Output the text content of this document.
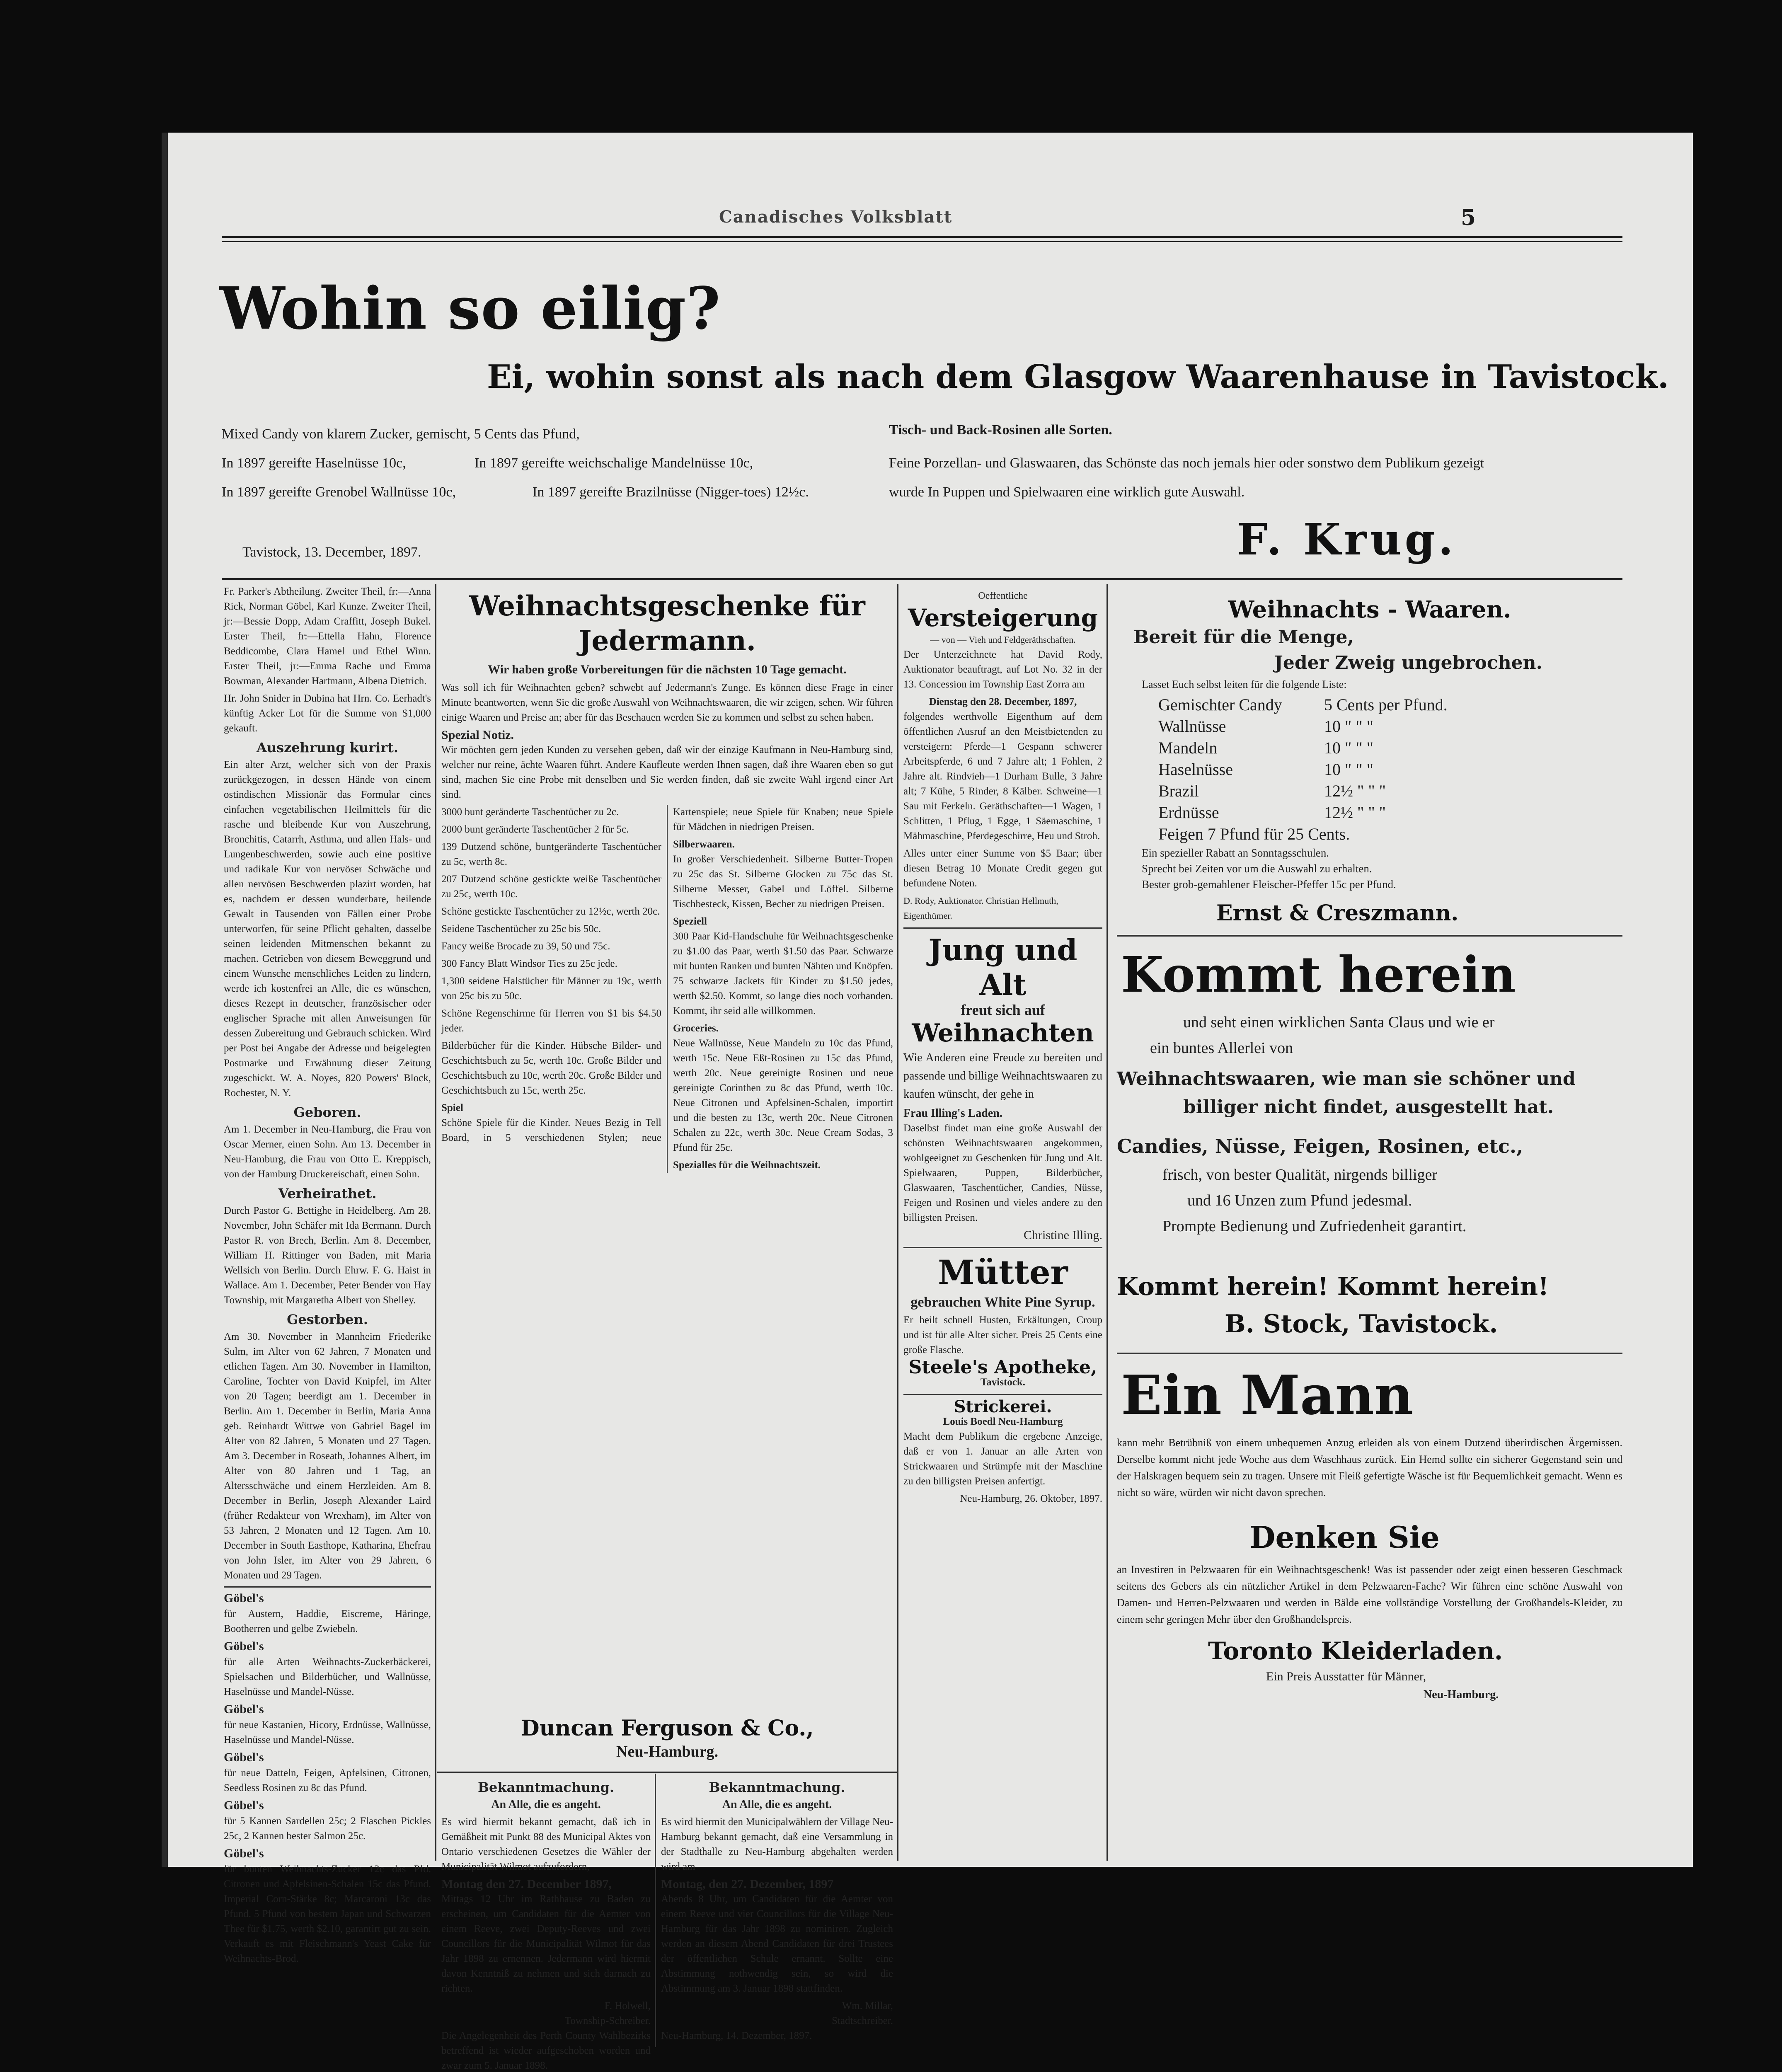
Canadisches Volksblatt	5
Wohin so eilig?
Ei, wohin sonst als nach dem Glasgow Waarenhause in Tavistock.
Mixed Candy von klarem Zucker, gemischt, 5 Cents das Pfund,
In 1897 gereifte Haselnüsse 10c,	In 1897 gereifte weichschalige Mandelnüsse 10c,
In 1897 gereifte Grenobel Wallnüsse 10c,	In 1897 gereifte Brazilnüsse (Nigger-toes) 12½c.
Tisch- und Back-Rosinen alle Sorten.
Feine Porzellan- und Glaswaaren, das Schönste das noch jemals hier oder sonstwo dem Publikum gezeigt
wurde In Puppen und Spielwaaren eine wirklich gute Auswahl.
Tavistock, 13. December, 1897.	F. Krug.

Fr. Parker's Abtheilung. Zweiter Theil, fr:—Anna Rick, Norman Göbel, Karl Kunze. Zweiter Theil, jr:—Bessie Dopp, Adam Craffitt, Joseph Bukel. Erster Theil, fr:—Ettella Hahn, Florence Beddicombe, Clara Hamel und Ethel Winn. Erster Theil, jr:—Emma Rache und Emma Bowman, Alexander Hartmann, Albena Dietrich.

Hr. John Snider in Dubina hat Hrn. Co. Eerhadt's künftig Acker Lot für die Summe von $1,000 gekauft.

Auszehrung kurirt.

Ein alter Arzt, welcher sich von der Praxis zurückgezogen, in dessen Hände von einem ostindischen Missionär das Formular eines einfachen vegetabilischen Heilmittels für die rasche und bleibende Kur von Auszehrung, Bronchitis, Catarrh, Asthma, und allen Hals- und Lungenbeschwerden, sowie auch eine positive und radikale Kur von nervöser Schwäche und allen nervösen Beschwerden plazirt worden, hat es, nachdem er dessen wunderbare, heilende Gewalt in Tausenden von Fällen einer Probe unterworfen, für seine Pflicht gehalten, dasselbe seinen leidenden Mitmenschen bekannt zu machen. Getrieben von diesem Beweggrund und einem Wunsche menschliches Leiden zu lindern, werde ich kostenfrei an Alle, die es wünschen, dieses Rezept in deutscher, französischer oder englischer Sprache mit allen Anweisungen für dessen Zubereitung und Gebrauch schicken. Wird per Post bei Angabe der Adresse und beigelegten Postmarke und Erwähnung dieser Zeitung zugeschickt. W. A. Noyes, 820 Powers' Block, Rochester, N. Y.

Geboren.

Am 1. December in Neu-Hamburg, die Frau von Oscar Merner, einen Sohn. Am 13. December in Neu-Hamburg, die Frau von Otto E. Kreppisch, von der Hamburg Druckereischaft, einen Sohn.

Verheirathet.

Durch Pastor G. Bettighe in Heidelberg. Am 28. November, John Schäfer mit Ida Bermann. Durch Pastor R. von Brech, Berlin. Am 8. December, William H. Rittinger von Baden, mit Maria Wellsich von Berlin. Durch Ehrw. F. G. Haist in Wallace. Am 1. December, Peter Bender von Hay Township, mit Margaretha Albert von Shelley.

Gestorben.

Am 30. November in Mannheim Friederike Sulm, im Alter von 62 Jahren, 7 Monaten und etlichen Tagen. Am 30. November in Hamilton, Caroline, Tochter von David Knipfel, im Alter von 20 Tagen; beerdigt am 1. December in Berlin. Am 1. December in Berlin, Maria Anna geb. Reinhardt Wittwe von Gabriel Bagel im Alter von 82 Jahren, 5 Monaten und 27 Tagen. Am 3. December in Roseath, Johannes Albert, im Alter von 80 Jahren und 1 Tag, an Altersschwäche und einem Herzleiden. Am 8. December in Berlin, Joseph Alexander Laird (früher Redakteur von Wrexham), im Alter von 53 Jahren, 2 Monaten und 12 Tagen. Am 10. December in South Easthope, Katharina, Ehefrau von John Isler, im Alter von 29 Jahren, 6 Monaten und 29 Tagen.

Göbel's

für Austern, Haddie, Eiscreme, Häringe, Bootherren und gelbe Zwiebeln.

Göbel's

für alle Arten Weihnachts-Zuckerbäckerei, Spielsachen und Bilderbücher, und Wallnüsse, Haselnüsse und Mandel-Nüsse.

Göbel's

für neue Kastanien, Hicory, Erdnüsse, Wallnüsse, Haselnüsse und Mandel-Nüsse.

Göbel's

für neue Datteln, Feigen, Apfelsinen, Citronen, Seedless Rosinen zu 8c das Pfund.

Göbel's

für 5 Kannen Sardellen 25c; 2 Flaschen Pickles 25c, 2 Kannen bester Salmon 25c.

Göbel's

für bunten Weihnachts-Zucker 12c das Pfd. Citronen und Apfelsinen-Schalen 15c das Pfund. Imperial Corn-Stärke 8c; Marcaroni 13c das Pfund. 5 Pfund von bestem Japan und Schwarzen Thee für $1.75, werth $2.10, garantirt gut zu sein. Verkauft es mit Fleischmann's Yeast Cake für Weihnachts-Brod.

Weihnachtsgeschenke für Jedermann.
Wir haben große Vorbereitungen für die nächsten 10 Tage gemacht.

Was soll ich für Weihnachten geben? schwebt auf Jedermann's Zunge. Es können diese Frage in einer Minute beantworten, wenn Sie die große Auswahl von Weihnachtswaaren, die wir zeigen, sehen. Wir führen einige Waaren und Preise an; aber für das Beschauen werden Sie zu kommen und selbst zu sehen haben.

Spezial Notiz.

Wir möchten gern jeden Kunden zu versehen geben, daß wir der einzige Kaufmann in Neu-Hamburg sind, welcher nur reine, ächte Waaren führt. Andere Kaufleute werden Ihnen sagen, daß ihre Waaren eben so gut sind, machen Sie eine Probe mit denselben und Sie werden finden, daß sie zweite Wahl irgend einer Art sind.

3000 bunt geränderte Taschentücher zu 2c.

2000 bunt geränderte Taschentücher 2 für 5c.

139 Dutzend schöne, buntgeränderte Taschentücher zu 5c, werth 8c.

207 Dutzend schöne gestickte weiße Taschentücher zu 25c, werth 10c.

Schöne gestickte Taschentücher zu 12½c, werth 20c.

Seidene Taschentücher zu 25c bis 50c.

Fancy weiße Brocade zu 39, 50 und 75c.

300 Fancy Blatt Windsor Ties zu 25c jede.

1,300 seidene Halstücher für Männer zu 19c, werth von 25c bis zu 50c.

Schöne Regenschirme für Herren von $1 bis $4.50 jeder.

Bilderbücher für die Kinder. Hübsche Bilder- und Geschichtsbuch zu 5c, werth 10c. Große Bilder und Geschichtsbuch zu 10c, werth 20c. Große Bilder und Geschichtsbuch zu 15c, werth 25c.

Spiel

Schöne Spiele für die Kinder. Neues Bezig in Tell Board, in 5 verschiedenen Stylen; neue Kartenspiele; neue Spiele für Knaben; neue Spiele für Mädchen in niedrigen Preisen.

Silberwaaren.

In großer Verschiedenheit. Silberne Butter-Tropen zu 25c das St. Silberne Glocken zu 75c das St. Silberne Messer, Gabel und Löffel. Silberne Tischbesteck, Kissen, Becher zu niedrigen Preisen.

Speziell

300 Paar Kid-Handschuhe für Weihnachtsgeschenke zu $1.00 das Paar, werth $1.50 das Paar. Schwarze mit bunten Ranken und bunten Nähten und Knöpfen. 75 schwarze Jackets für Kinder zu $1.50 jedes, werth $2.50. Kommt, so lange dies noch vorhanden. Kommt, ihr seid alle willkommen.

Groceries.

Neue Wallnüsse, Neue Mandeln zu 10c das Pfund, werth 15c. Neue Eßt-Rosinen zu 15c das Pfund, werth 20c. Neue gereinigte Rosinen und neue gereinigte Corinthen zu 8c das Pfund, werth 10c. Neue Citronen und Apfelsinen-Schalen, importirt und die besten zu 13c, werth 20c. Neue Citronen Schalen zu 22c, werth 30c. Neue Cream Sodas, 3 Pfund für 25c.

Spezialles für die Weihnachtszeit.
Duncan Ferguson & Co.,
Neu-Hamburg.
Bekanntmachung.
An Alle, die es angeht.

Es wird hiermit bekannt gemacht, daß ich in Gemäßheit mit Punkt 88 des Municipal Aktes von Ontario verschiedenen Gesetzes die Wähler der Municipalität Wilmot aufzufordern,

Montag den 27. December 1897,

Mittags 12 Uhr im Rathhause zu Baden zu erscheinen, um Candidaten für die Aemter von einem Reeve, zwei Deputy-Reeves und zwei Councillors für die Municipalität Wilmot für das Jahr 1898 zu ernennen. Jedermann wird hiermit davon Kenntniß zu nehmen und sich darnach zu richten.

F. Holwell,
Township-Schreiber.

Die Angelegenheit des Perth County Wahlbezirks betreffend ist wieder aufgeschoben worden und zwar zum 5. Januar 1898.

Bekanntmachung.
An Alle, die es angeht.

Es wird hiermit den Municipalwählern der Village Neu-Hamburg bekannt gemacht, daß eine Versammlung in der Stadthalle zu Neu-Hamburg abgehalten werden wird am

Montag, den 27. Dezember, 1897

Abends 8 Uhr, um Candidaten für die Aemter von einem Reeve und vier Councillors für die Village Neu-Hamburg für das Jahr 1898 zu nominiren. Zugleich werden an diesem Abend Candidaten für drei Trustees der öffentlichen Schule ernannt. Sollte eine Abstimmung nothwendig sein, so wird die Abstimmung am 3. Januar 1898 stattfinden.

Wm. Millar,
Stadtschreiber.

Neu-Hamburg, 14. Dezember, 1897.

Oeffentliche
Versteigerung
— von — Vieh und Feldgeräthschaften.

Der Unterzeichnete hat David Rody, Auktionator beauftragt, auf Lot No. 32 in der 13. Concession im Township East Zorra am

Dienstag den 28. December, 1897,

folgendes werthvolle Eigenthum auf dem öffentlichen Ausruf an den Meistbietenden zu versteigern: Pferde—1 Gespann schwerer Arbeitspferde, 6 und 7 Jahre alt; 1 Fohlen, 2 Jahre alt. Rindvieh—1 Durham Bulle, 3 Jahre alt; 7 Kühe, 5 Rinder, 8 Kälber. Schweine—1 Sau mit Ferkeln. Geräthschaften—1 Wagen, 1 Schlitten, 1 Pflug, 1 Egge, 1 Säemaschine, 1 Mähmaschine, Pferdegeschirre, Heu und Stroh.

Alles unter einer Summe von $5 Baar; über diesen Betrag 10 Monate Credit gegen gut befundene Noten.

D. Rody, Auktionator. Christian Hellmuth, Eigenthümer.
Jung und Alt
freut sich auf
Weihnachten

Wie Anderen eine Freude zu bereiten und passende und billige Weihnachtswaaren zu kaufen wünscht, der gehe in

Frau Illing's Laden.

Daselbst findet man eine große Auswahl der schönsten Weihnachtswaaren angekommen, wohlgeeignet zu Geschenken für Jung und Alt. Spielwaaren, Puppen, Bilderbücher, Glaswaaren, Taschentücher, Candies, Nüsse, Feigen und Rosinen und vieles andere zu den billigsten Preisen.

Christine Illing.
Mütter
gebrauchen White Pine Syrup.

Er heilt schnell Husten, Erkältungen, Croup und ist für alle Alter sicher. Preis 25 Cents eine große Flasche.

Steele's Apotheke,
Tavistock.
Strickerei.
Louis Boedl Neu-Hamburg

Macht dem Publikum die ergebene Anzeige, daß er von 1. Januar an alle Arten von Strickwaaren und Strümpfe mit der Maschine zu den billigsten Preisen anfertigt.

Neu-Hamburg, 26. Oktober, 1897.
Weihnachts - Waaren.
Bereit für die Menge,
Jeder Zweig ungebrochen.
Lasset Euch selbst leiten für die folgende Liste:
Gemischter Candy	5 Cents per Pfund.
Wallnüsse	10 " " "
Mandeln	10 " " "
Haselnüsse	10 " " "
Brazil	12½ " " "
Erdnüsse	12½ " " "
Feigen 7 Pfund für 25 Cents.
Ein spezieller Rabatt an Sonntagsschulen.
Sprecht bei Zeiten vor um die Auswahl zu erhalten.
Bester grob-gemahlener Fleischer-Pfeffer 15c per Pfund.
Ernst & Creszmann.
Kommt herein
und seht einen wirklichen Santa Claus und wie er
ein buntes Allerlei von
Weihnachtswaaren, wie man sie schöner und
billiger nicht findet, ausgestellt hat.
Candies, Nüsse, Feigen, Rosinen, etc.,
frisch, von bester Qualität, nirgends billiger
und 16 Unzen zum Pfund jedesmal.
Prompte Bedienung und Zufriedenheit garantirt.
Kommt herein! Kommt herein!
B. Stock, Tavistock.
Ein Mann

kann mehr Betrübniß von einem unbequemen Anzug erleiden als von einem Dutzend überirdischen Ärgernissen. Derselbe kommt nicht jede Woche aus dem Waschhaus zurück. Ein Hemd sollte ein sicherer Gegenstand sein und der Halskragen bequem sein zu tragen. Unsere mit Fleiß gefertigte Wäsche ist für Bequemlichkeit gemacht. Wenn es nicht so wäre, würden wir nicht davon sprechen.

Denken Sie

an Investiren in Pelzwaaren für ein Weihnachtsgeschenk! Was ist passender oder zeigt einen besseren Geschmack seitens des Gebers als ein nützlicher Artikel in dem Pelzwaaren-Fache? Wir führen eine schöne Auswahl von Damen- und Herren-Pelzwaaren und werden in Bälde eine vollständige Vorstellung der Großhandels-Kleider, zu einem sehr geringen Mehr über den Großhandelspreis.

Toronto Kleiderladen.
Ein Preis Ausstatter für Männer,
Neu-Hamburg.
